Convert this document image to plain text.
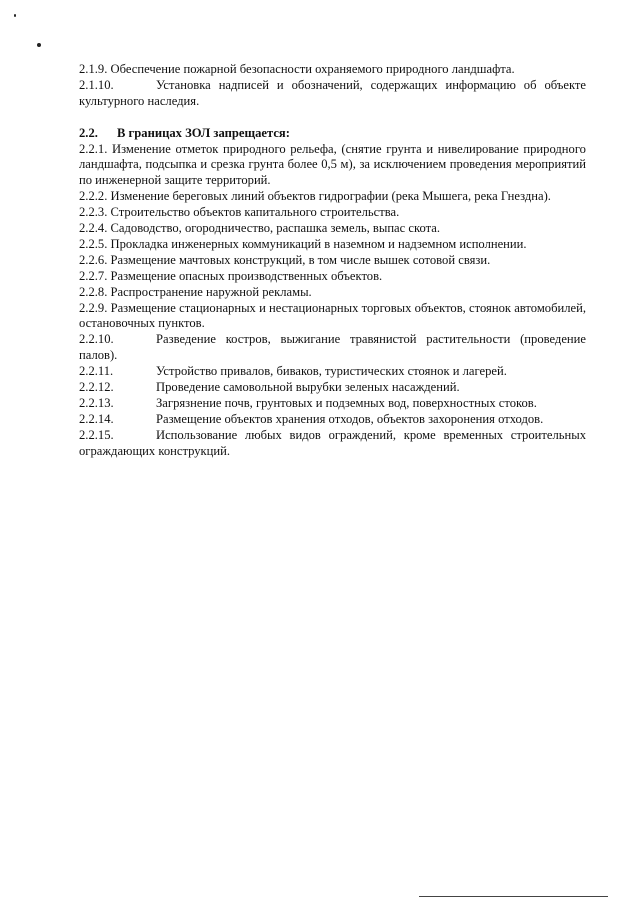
2.1.9. Обеспечение пожарной безопасности охраняемого природного ландшафта.

2.1.10.	Установка надписей и обозначений, содержащих информацию об объекте культурного наследия.

2.2. В границах ЗОЛ запрещается:

2.2.1. Изменение отметок природного рельефа, (снятие грунта и нивелирование природного ландшафта, подсыпка и срезка грунта более 0,5 м), за исключением проведения мероприятий по инженерной защите территорий.

2.2.2. Изменение береговых линий объектов гидрографии (река Мышега, река Гнездна).

2.2.3. Строительство объектов капитального строительства.

2.2.4. Садоводство, огородничество, распашка земель, выпас скота.

2.2.5. Прокладка инженерных коммуникаций в наземном и надземном исполнении.

2.2.6. Размещение мачтовых конструкций, в том числе вышек сотовой связи.

2.2.7. Размещение опасных производственных объектов.

2.2.8. Распространение наружной рекламы.

2.2.9. Размещение стационарных и нестационарных торговых объектов, стоянок автомобилей, остановочных пунктов.

2.2.10.	Разведение костров, выжигание травянистой растительности (проведение палов).

2.2.11.	Устройство привалов, биваков, туристических стоянок и лагерей.

2.2.12.	Проведение самовольной вырубки зеленых насаждений.

2.2.13.	Загрязнение почв, грунтовых и подземных вод, поверхностных стоков.

2.2.14.	Размещение объектов хранения отходов, объектов захоронения отходов.

2.2.15.	Использование любых видов ограждений, кроме временных строительных ограждающих конструкций.
